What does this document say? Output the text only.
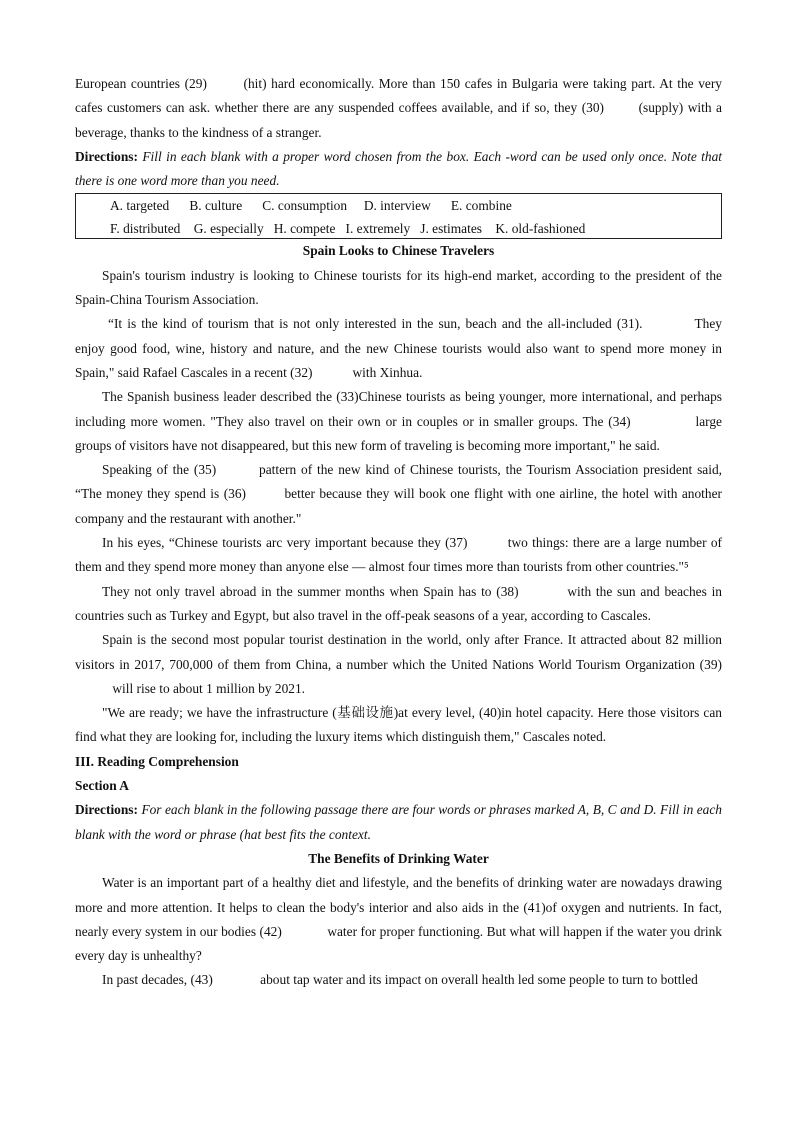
European countries (29)	(hit) hard economically. More than 150 cafes in Bulgaria were taking part. At the very cafes customers can ask. whether there are any suspended coffees available, and if so, they (30)	(supply) with a beverage, thanks to the kindness of a stranger.

Directions: Fill in each blank with a proper word chosen from the box. Each -word can be used only once. Note that there is one word more than you need.

A. targeted B. culture C. consumption D. interview E. combine
F. distributed G. especially H. compete I. extremely J. estimates K. old-fashioned

Spain Looks to Chinese Travelers

Spain's tourism industry is looking to Chinese tourists for its high-end market, according to the president of the Spain-China Tourism Association.

“It is the kind of tourism that is not only interested in the sun, beach and the all-included (31).	They enjoy good food, wine, history and nature, and the new Chinese tourists would also want to spend more money in Spain," said Rafael Cascales in a recent (32)	with Xinhua.

The Spanish business leader described the (33)Chinese tourists as being younger, more international, and perhaps including more women. "They also travel on their own or in couples or in smaller groups. The (34)	large groups of visitors have not disappeared, but this new form of traveling is becoming more important," he said.

Speaking of the (35)	pattern of the new kind of Chinese tourists, the Tourism Association president said, “The money they spend is (36)	better because they will book one flight with one airline, the hotel with another company and the restaurant with another."

In his eyes, “Chinese tourists arc very important because they (37)	two things: there are a large number of them and they spend more money than anyone else — almost four times more than tourists from other countries."⁵

They not only travel abroad in the summer months when Spain has to (38)	with the sun and beaches in countries such as Turkey and Egypt, but also travel in the off-peak seasons of a year, according to Cascales.

Spain is the second most popular tourist destination in the world, only after France. It attracted about 82 million visitors in 2017, 700,000 of them from China, a number which the United Nations World Tourism Organization (39) will rise to about 1 million by 2021.

"We are ready; we have the infrastructure (基础设施)at every level, (40)in hotel capacity. Here those visitors can find what they are looking for, including the luxury items which distinguish them," Cascales noted.

III. Reading Comprehension

Section A

Directions: For each blank in the following passage there are four words or phrases marked A, B, C and D. Fill in each blank with the word or phrase (hat best fits the context.

The Benefits of Drinking Water

Water is an important part of a healthy diet and lifestyle, and the benefits of drinking water are nowadays drawing more and more attention. It helps to clean the body's interior and also aids in the (41)of oxygen and nutrients. In fact, nearly every system in our bodies (42)	water for proper functioning. But what will happen if the water you drink every day is unhealthy?

In past decades, (43)	about tap water and its impact on overall health led some people to turn to bottled
